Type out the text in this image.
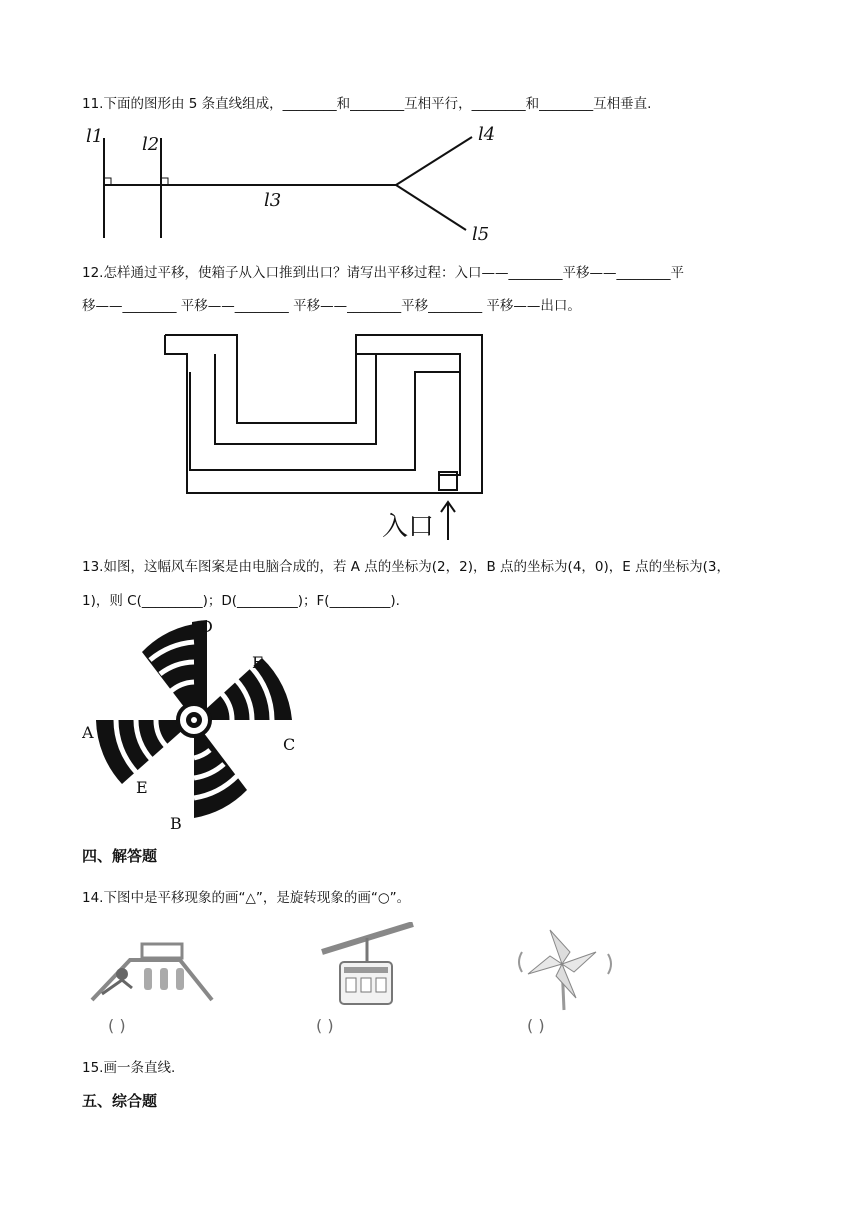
11.下面的图形由 5 条直线组成，________和________互相平行，________和________互相垂直.
l1 l2
l3
l4
l5
12.怎样通过平移，使箱子从入口推到出口？请写出平移过程：入口——________平移——________平
移——________ 平移——________ 平移——________平移________ 平移——出口。
入口
13.如图，这幅风车图案是由电脑合成的，若 A 点的坐标为(2，2)，B 点的坐标为(4，0)，E 点的坐标为(3，
1)，则 C(_________)；D(_________)；F(_________).
D
F
A
C
E
B
四、解答题
14.下图中是平移现象的画“△”，是旋转现象的画“○”。
( )	( )	( )
15.画一条直线.
五、综合题
